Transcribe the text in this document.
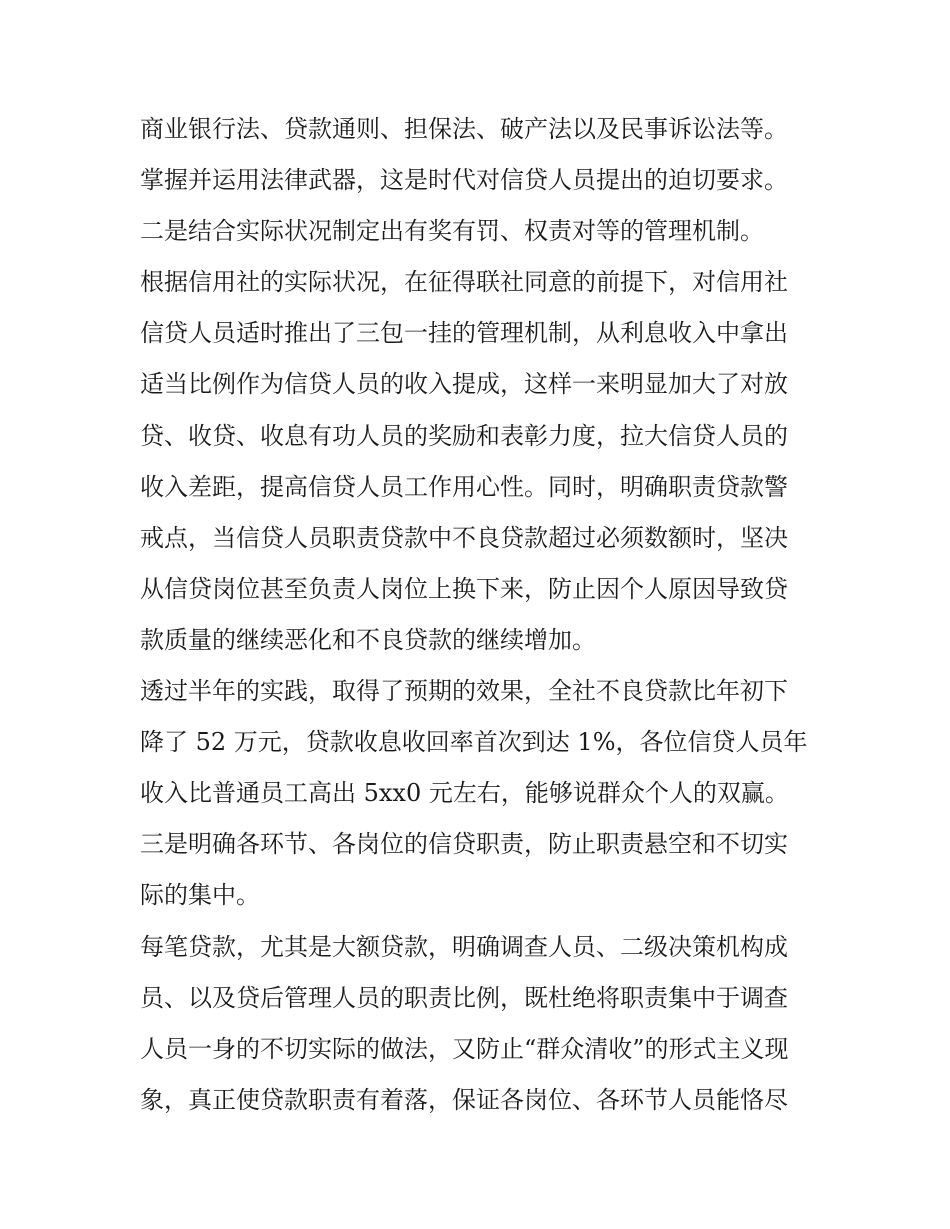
商业银行法、贷款通则、担保法、破产法以及民事诉讼法等。
掌握并运用法律武器，这是时代对信贷人员提出的迫切要求。
二是结合实际状况制定出有奖有罚、权责对等的管理机制。
根据信用社的实际状况，在征得联社同意的前提下，对信用社
信贷人员适时推出了三包一挂的管理机制，从利息收入中拿出
适当比例作为信贷人员的收入提成，这样一来明显加大了对放
贷、收贷、收息有功人员的奖励和表彰力度，拉大信贷人员的
收入差距，提高信贷人员工作用心性。同时，明确职责贷款警
戒点，当信贷人员职责贷款中不良贷款超过必须数额时，坚决
从信贷岗位甚至负责人岗位上换下来，防止因个人原因导致贷
款质量的继续恶化和不良贷款的继续增加。
透过半年的实践，取得了预期的效果，全社不良贷款比年初下
降了 52 万元，贷款收息收回率首次到达 1%，各位信贷人员年
收入比普通员工高出 5xx0 元左右，能够说群众个人的双赢。
三是明确各环节、各岗位的信贷职责，防止职责悬空和不切实
际的集中。
每笔贷款，尤其是大额贷款，明确调查人员、二级决策机构成
员、以及贷后管理人员的职责比例，既杜绝将职责集中于调查
人员一身的不切实际的做法，又防止“群众清收”的形式主义现
象，真正使贷款职责有着落，保证各岗位、各环节人员能恪尽
